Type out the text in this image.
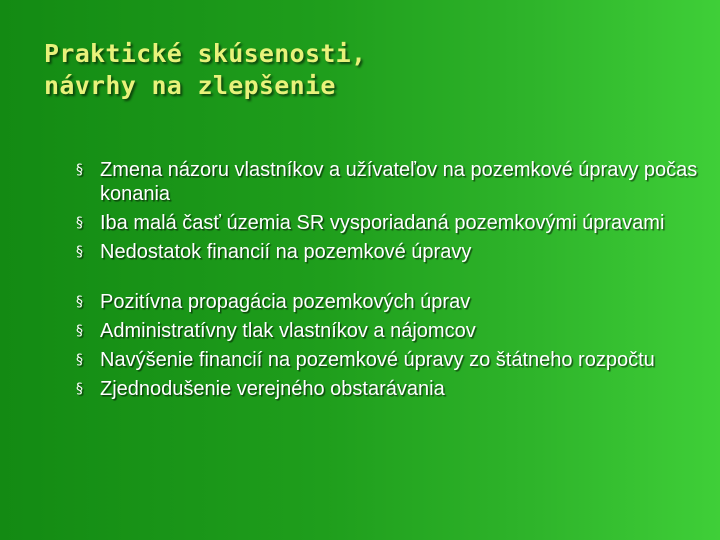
Praktické skúsenosti,
návrhy na zlepšenie
§ Zmena názoru vlastníkov a užívateľov na pozemkové úpravy počas konania
§ Iba malá časť územia SR vysporiadaná pozemkovými úpravami
§ Nedostatok financií na pozemkové úpravy
§ Pozitívna propagácia pozemkových úprav
§ Administratívny tlak vlastníkov a nájomcov
§ Navýšenie financií na pozemkové úpravy zo štátneho rozpočtu
§ Zjednodušenie verejného obstarávania
